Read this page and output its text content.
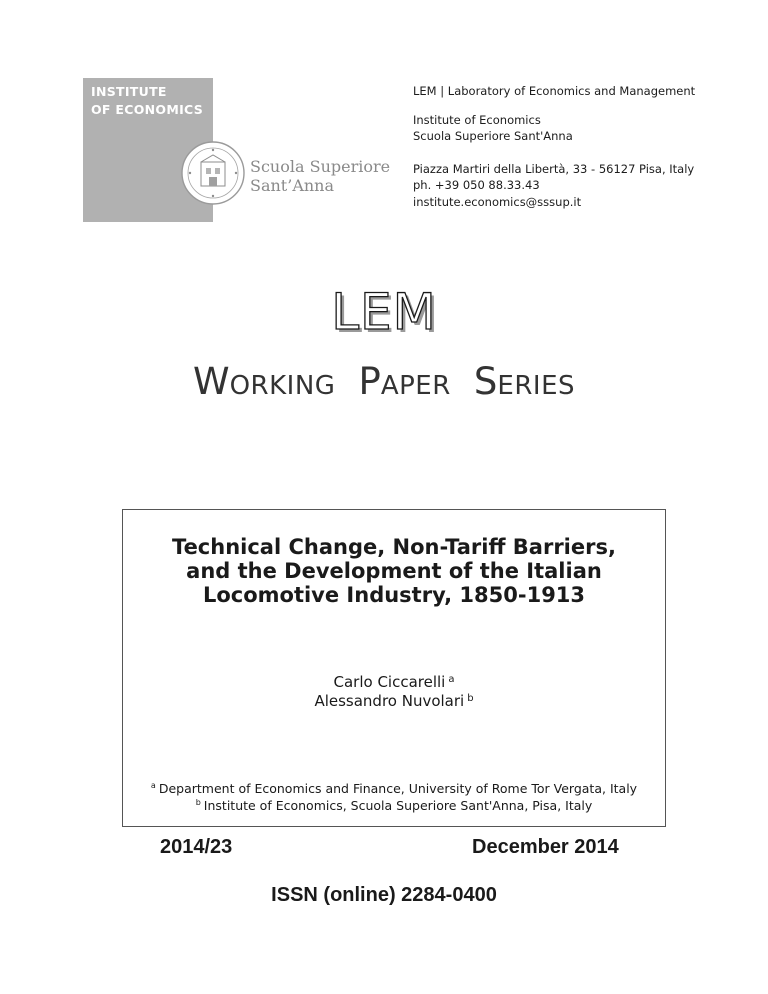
INSTITUTE
OF ECONOMICS
Scuola Superiore
Sant’Anna
LEM | Laboratory of Economics and Management
Institute of Economics
Scuola Superiore Sant'Anna
Piazza Martiri della Libertà, 33 - 56127 Pisa, Italy
ph. +39 050 88.33.43
institute.economics@sssup.it
LEM
WORKING PAPER SERIES
Technical Change, Non-Tariff Barriers,
and the Development of the Italian
Locomotive Industry, 1850-1913
Carlo Ciccarelli $^a$
Alessandro Nuvolari $^b$
$^a$ Department of Economics and Finance, University of Rome Tor Vergata, Italy
$^b$ Institute of Economics, Scuola Superiore Sant'Anna, Pisa, Italy
2014/23	December 2014
ISSN (online) 2284-0400
